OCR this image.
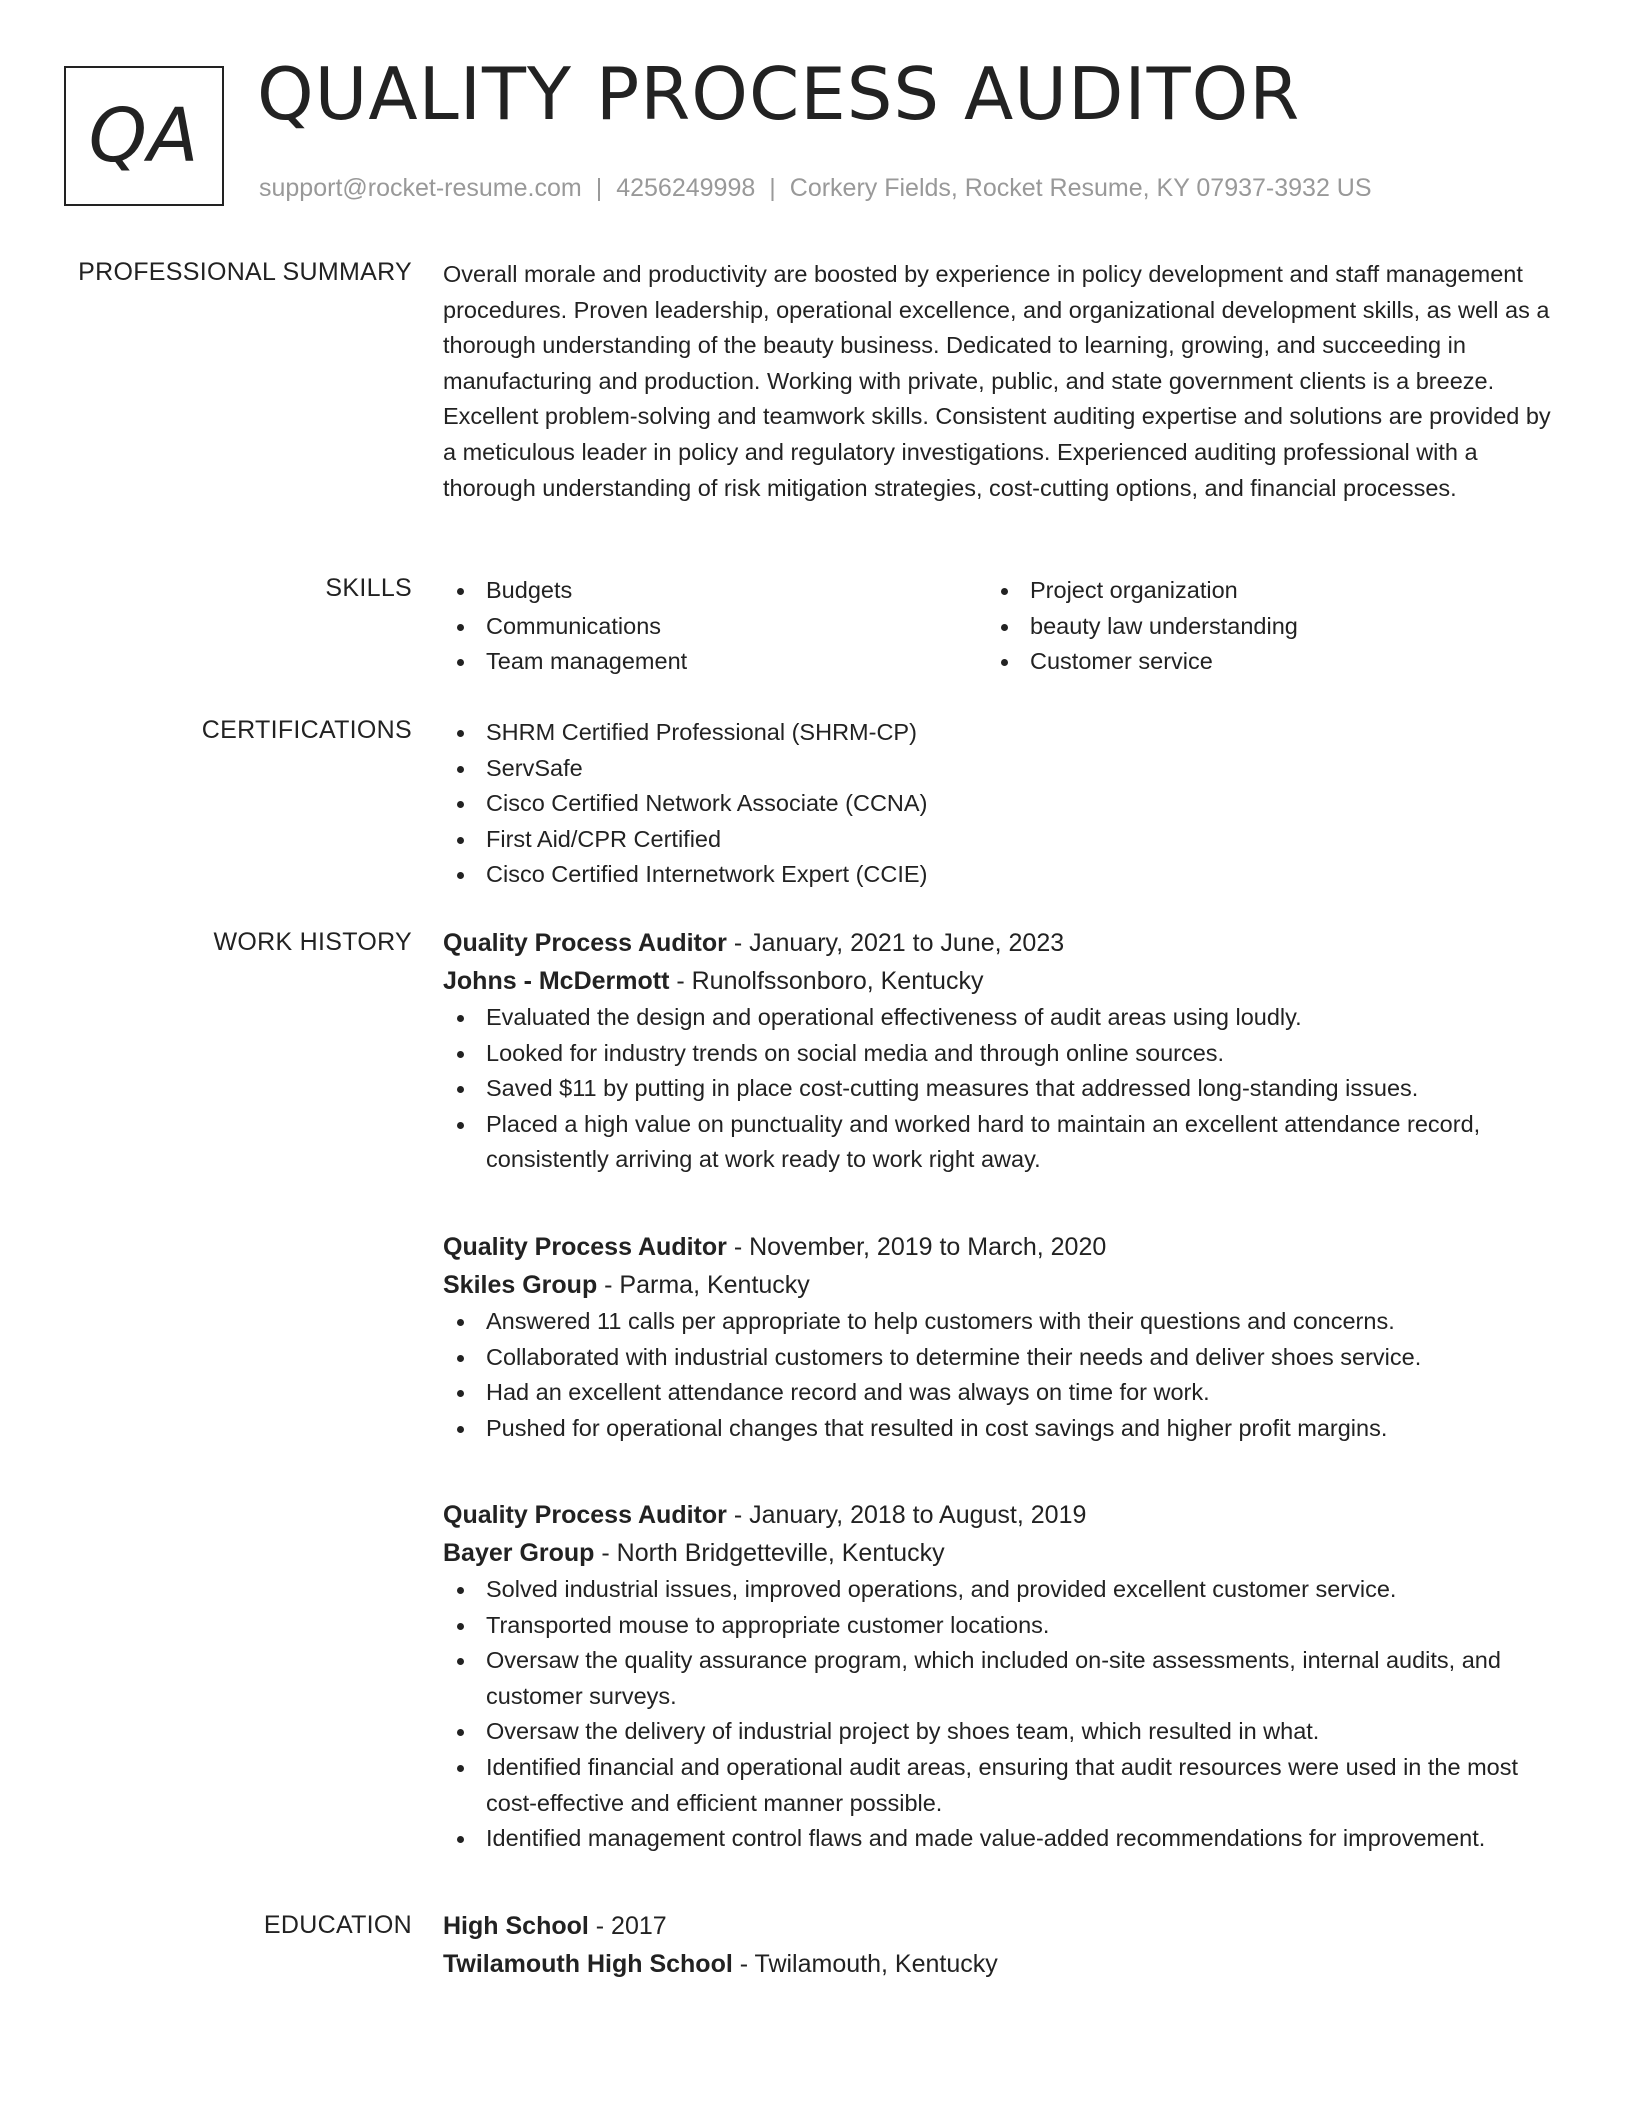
QA QUALITY PROCESS AUDITOR
support@rocket-resume.com | 4256249998 | Corkery Fields, Rocket Resume, KY 07937-3932 US
PROFESSIONAL SUMMARY Overall morale and productivity are boosted by experience in policy development and staff management procedures. Proven leadership, operational excellence, and organizational development skills, as well as a thorough understanding of the beauty business. Dedicated to learning, growing, and succeeding in manufacturing and production. Working with private, public, and state government clients is a breeze. Excellent problem-solving and teamwork skills. Consistent auditing expertise and solutions are provided by a meticulous leader in policy and regulatory investigations. Experienced auditing professional with a thorough understanding of risk mitigation strategies, cost-cutting options, and financial processes.

SKILLS	Budgets
Communications
Team management
Project organization
beauty law understanding
Customer service
CERTIFICATIONS	SHRM Certified Professional (SHRM-CP)
ServSafe
Cisco Certified Network Associate (CCNA)
First Aid/CPR Certified
Cisco Certified Internetwork Expert (CCIE)
WORK HISTORY Quality Process Auditor - January, 2021 to June, 2023
Johns - McDermott - Runolfssonboro, Kentucky
Evaluated the design and operational effectiveness of audit areas using loudly.
Looked for industry trends on social media and through online sources.
Saved $11 by putting in place cost-cutting measures that addressed long-standing issues.
Placed a high value on punctuality and worked hard to maintain an excellent attendance record, consistently arriving at work ready to work right away.
Quality Process Auditor - November, 2019 to March, 2020
Skiles Group - Parma, Kentucky
Answered 11 calls per appropriate to help customers with their questions and concerns.
Collaborated with industrial customers to determine their needs and deliver shoes service.
Had an excellent attendance record and was always on time for work.
Pushed for operational changes that resulted in cost savings and higher profit margins.
Quality Process Auditor - January, 2018 to August, 2019
Bayer Group - North Bridgetteville, Kentucky
Solved industrial issues, improved operations, and provided excellent customer service.
Transported mouse to appropriate customer locations.
Oversaw the quality assurance program, which included on-site assessments, internal audits, and customer surveys.
Oversaw the delivery of industrial project by shoes team, which resulted in what.
Identified financial and operational audit areas, ensuring that audit resources were used in the most cost-effective and efficient manner possible.
Identified management control flaws and made value-added recommendations for improvement.
EDUCATION High School - 2017
Twilamouth High School - Twilamouth, Kentucky
